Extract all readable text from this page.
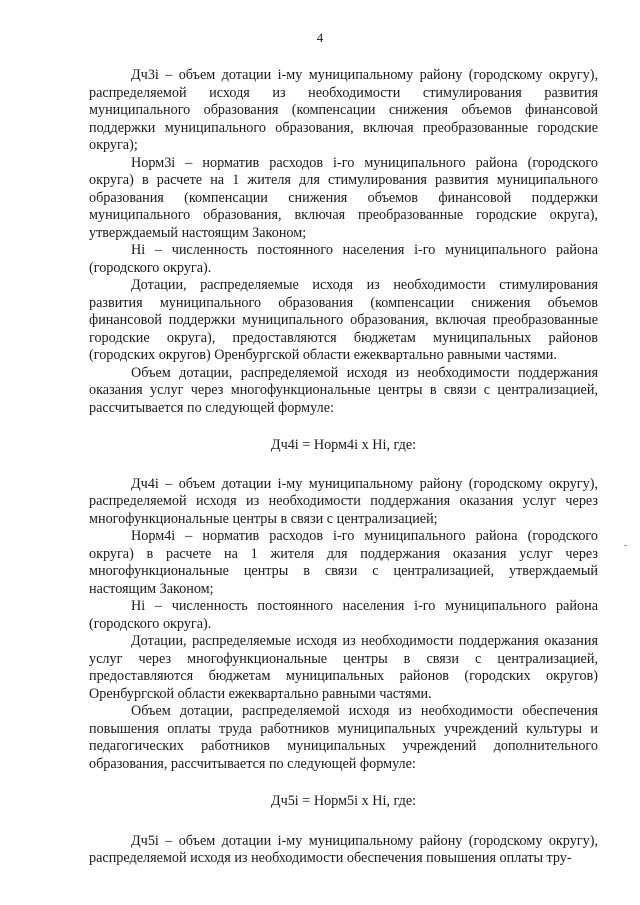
4

Дч3i – объем дотации i-му муниципальному району (городскому округу), распределяемой исходя из необходимости стимулирования развития муниципального образования (компенсации снижения объемов финансовой поддержки муниципального образования, включая преобразованные городские округа);

Норм3i – норматив расходов i-го муниципального района (городского округа) в расчете на 1 жителя для стимулирования развития муниципального образования (компенсации снижения объемов финансовой поддержки муниципального образования, включая преобразованные городские округа), утверждаемый настоящим Законом;

Нi – численность постоянного населения i-го муниципального района (городского округа).

Дотации, распределяемые исходя из необходимости стимулирования развития муниципального образования (компенсации снижения объемов финансовой поддержки муниципального образования, включая преобразованные городские округа), предоставляются бюджетам муниципальных районов (городских округов) Оренбургской области ежеквартально равными частями.

Объем дотации, распределяемой исходя из необходимости поддержания оказания услуг через многофункциональные центры в связи с централизацией, рассчитывается по следующей формуле:

Дч4i = Норм4i x Нi, где:

Дч4i – объем дотации i-му муниципальному району (городскому округу), распределяемой исходя из необходимости поддержания оказания услуг через многофункциональные центры в связи с централизацией;

Норм4i – норматив расходов i-го муниципального района (городского округа) в расчете на 1 жителя для поддержания оказания услуг через многофункциональные центры в связи с централизацией, утверждаемый настоящим Законом;

Нi – численность постоянного населения i-го муниципального района (городского округа).

Дотации, распределяемые исходя из необходимости поддержания оказания услуг через многофункциональные центры в связи с централизацией, предоставляются бюджетам муниципальных районов (городских округов) Оренбургской области ежеквартально равными частями.

Объем дотации, распределяемой исходя из необходимости обеспечения повышения оплаты труда работников муниципальных учреждений культуры и педагогических работников муниципальных учреждений дополнительного образования, рассчитывается по следующей формуле:

Дч5i = Норм5i x Нi, где:

Дч5i – объем дотации i-му муниципальному району (городскому округу), распределяемой исходя из необходимости обеспечения повышения оплаты тру-
